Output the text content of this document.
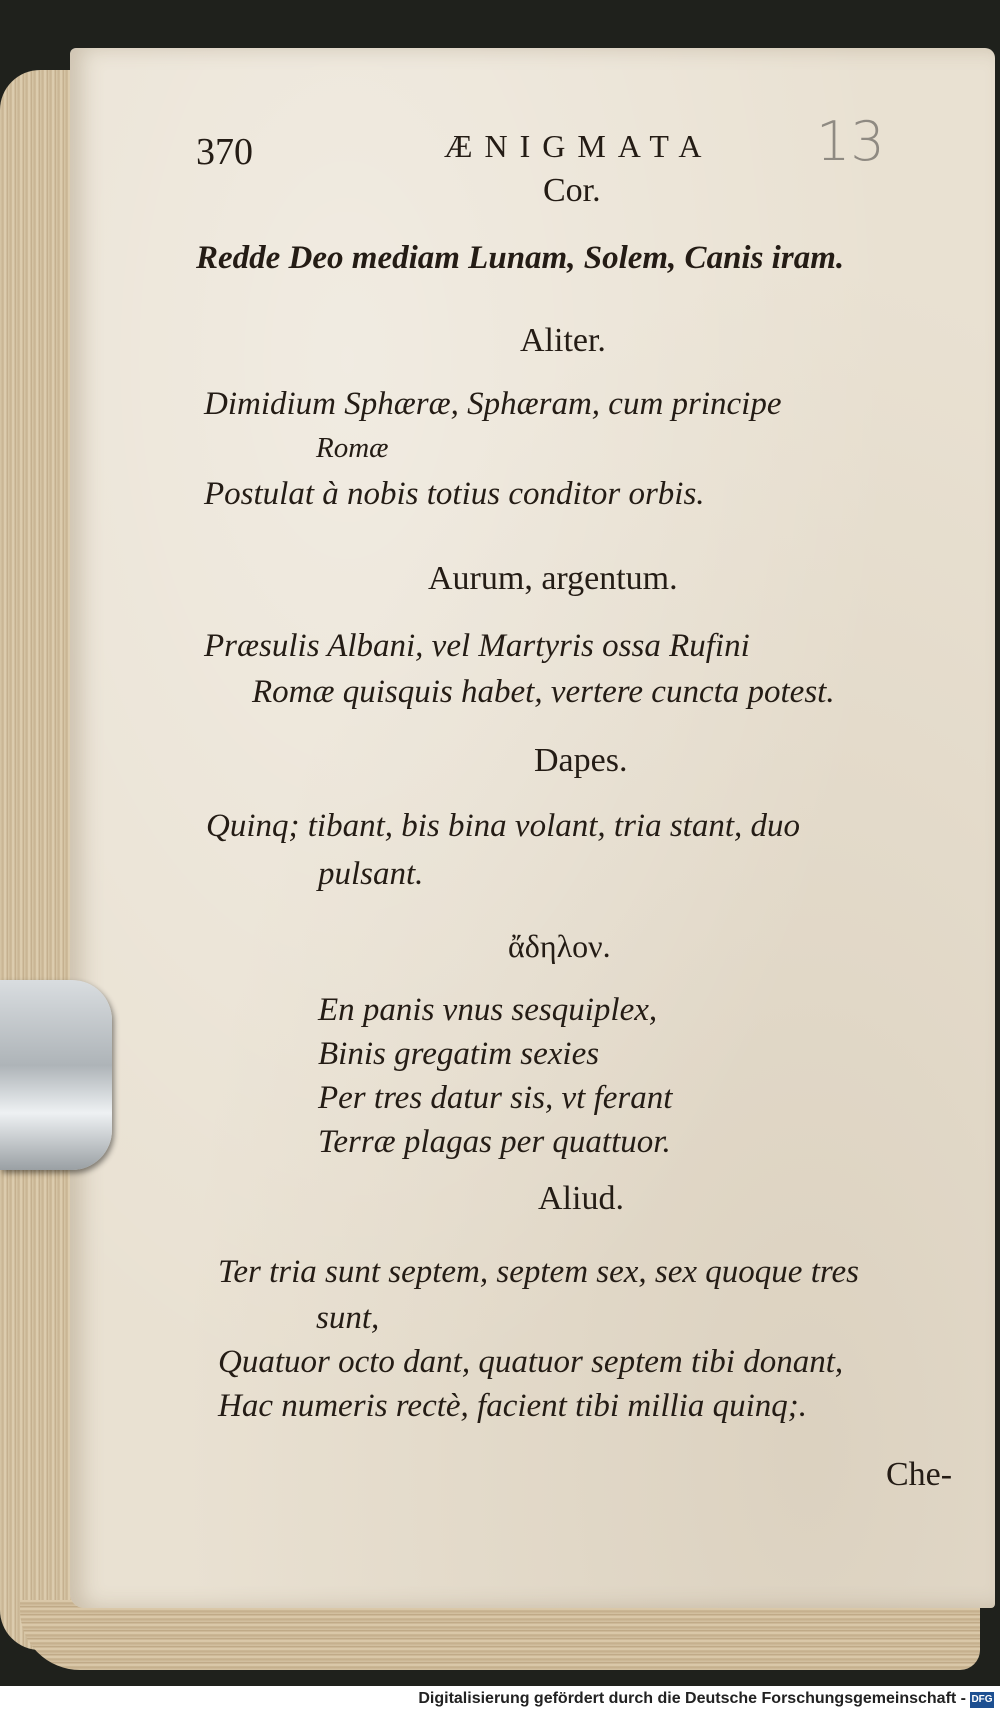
370	ÆNIGMATA 13
Cor.
Redde Deo mediam Lunam, Solem, Canis iram.
Aliter.
Dimidium Sphæræ, Sphæram, cum principe
Romæ
Postulat à nobis totius conditor orbis.
Aurum, argentum.
Præsulis Albani, vel Martyris ossa Rufini
Romæ quisquis habet, vertere cuncta potest.
Dapes.
Quinq; tibant, bis bina volant, tria stant, duo
pulsant.
ἄδηλον.
En panis vnus sesquiplex,
Binis gregatim sexies
Per tres datur sis, vt ferant
Terræ plagas per quattuor.
Aliud.
Ter tria sunt septem, septem sex, sex quoque tres
sunt,
Quatuor octo dant, quatuor septem tibi donant,
Hac numeris rectè, facient tibi millia quinq;.
Che-
Digitalisierung gefördert durch die Deutsche Forschungsgemeinschaft - DFG
